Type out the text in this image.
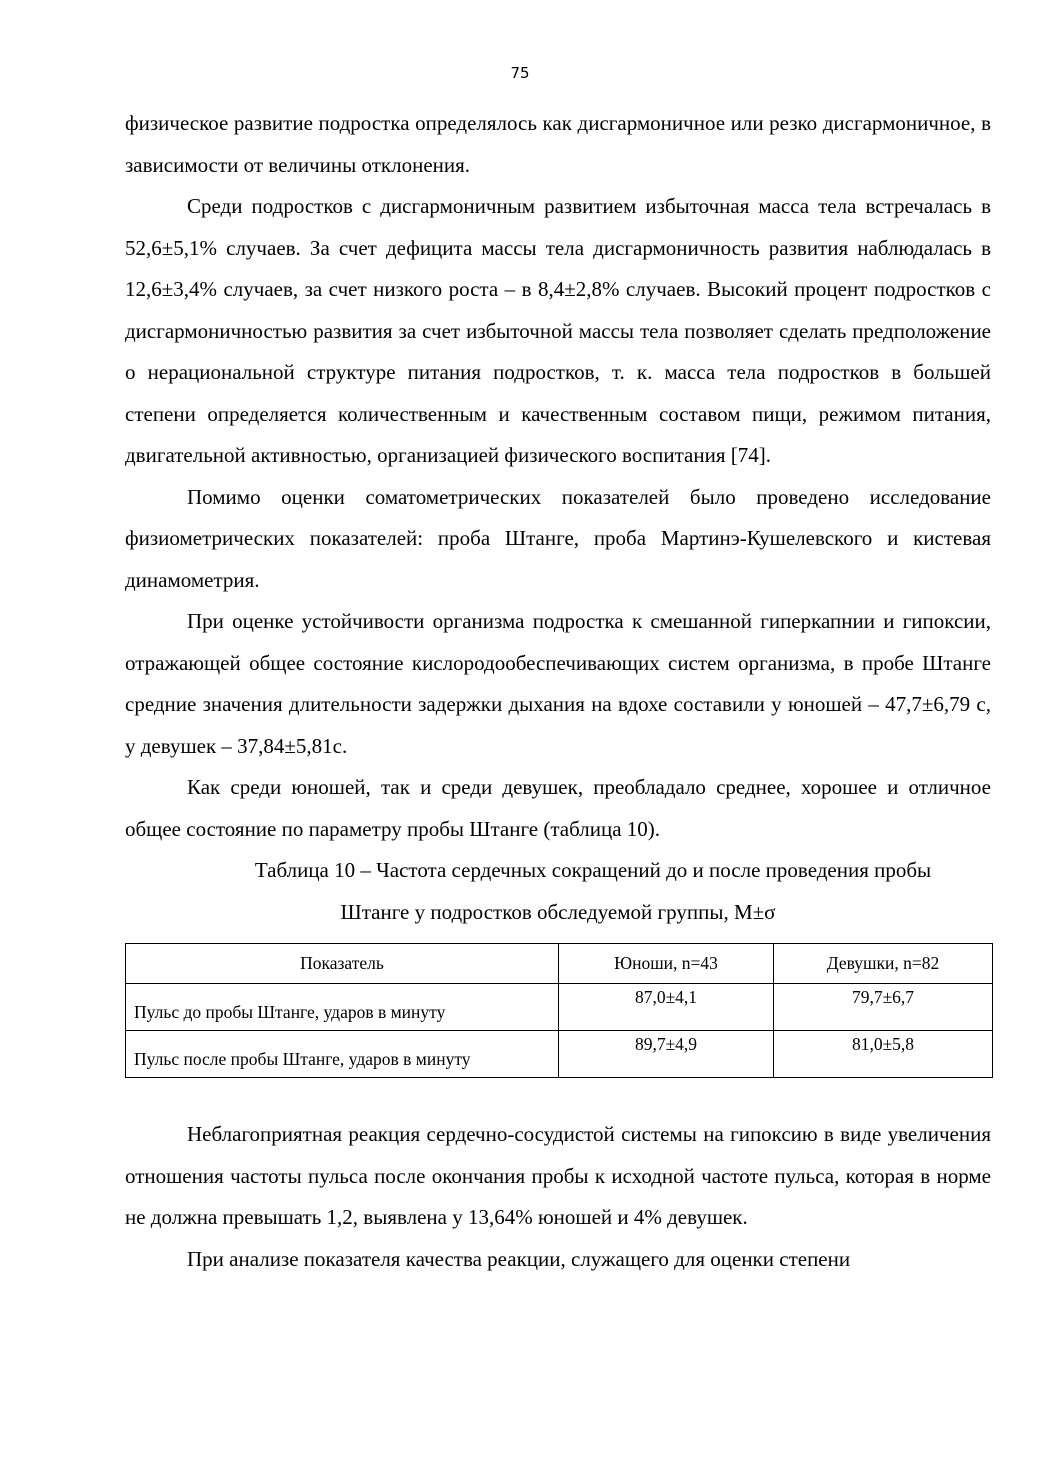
75

физическое развитие подростка определялось как дисгармоничное или резко дисгармоничное, в зависимости от величины отклонения.

Среди подростков с дисгармоничным развитием избыточная масса тела встречалась в 52,6±5,1% случаев. За счет дефицита массы тела дисгармоничность развития наблюдалась в 12,6±3,4% случаев, за счет низкого роста – в 8,4±2,8% случаев. Высокий процент подростков с дисгармоничностью развития за счет избыточной массы тела позволяет сделать предположение о нерациональной структуре питания подростков, т. к. масса тела подростков в большей степени определяется количественным и качественным составом пищи, режимом питания, двигательной активностью, организацией физического воспитания [74].

Помимо оценки соматометрических показателей было проведено исследование физиометрических показателей: проба Штанге, проба Мартинэ-Кушелевского и кистевая динамометрия.

При оценке устойчивости организма подростка к смешанной гиперкапнии и гипоксии, отражающей общее состояние кислородообеспечивающих систем организма, в пробе Штанге средние значения длительности задержки дыхания на вдохе составили у юношей – 47,7±6,79 с, у девушек – 37,84±5,81с.

Как среди юношей, так и среди девушек, преобладало среднее, хорошее и отличное общее состояние по параметру пробы Штанге (таблица 10).

Таблица 10 – Частота сердечных сокращений до и после проведения пробы
Штанге у подростков обследуемой группы, M±σ
Показатель	Юноши, n=43	Девушки, n=82
Пульс до пробы Штанге, ударов в минуту	87,0±4,1	79,7±6,7
Пульс после пробы Штанге, ударов в минуту	89,7±4,9	81,0±5,8

Неблагоприятная реакция сердечно-сосудистой системы на гипоксию в виде увеличения отношения частоты пульса после окончания пробы к исходной частоте пульса, которая в норме не должна превышать 1,2, выявлена у 13,64% юношей и 4% девушек.

При анализе показателя качества реакции, служащего для оценки степени
